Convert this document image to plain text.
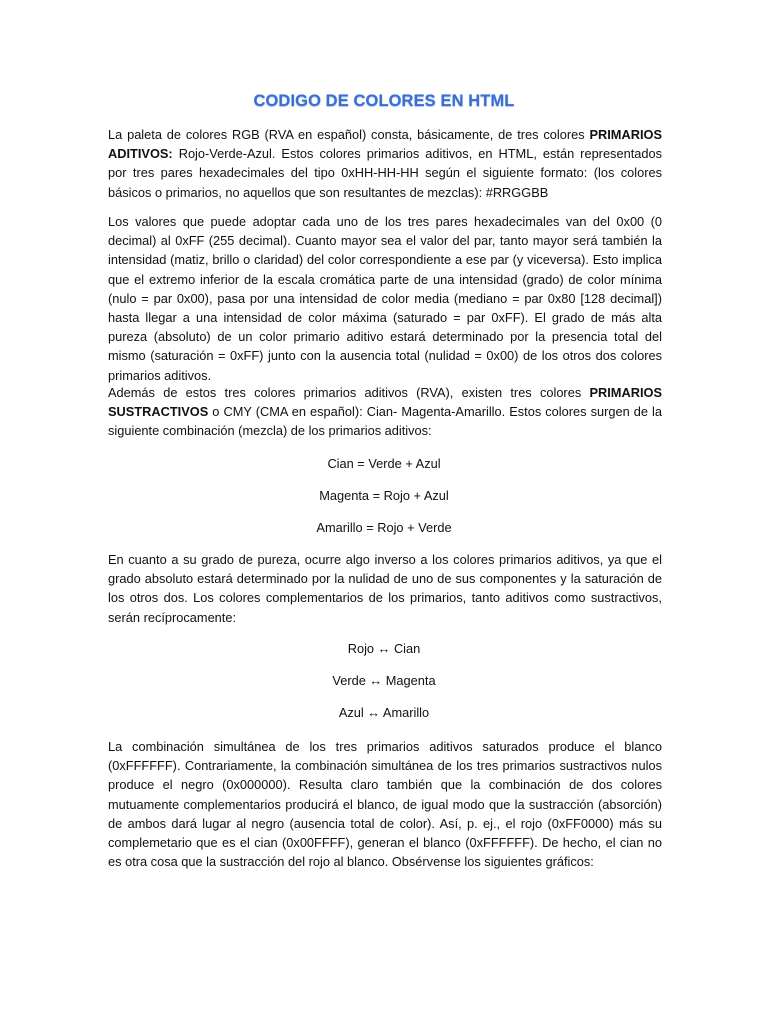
CODIGO DE COLORES EN HTML
La paleta de colores RGB (RVA en español) consta, básicamente, de tres colores PRIMARIOS ADITIVOS: Rojo-Verde-Azul. Estos colores primarios aditivos, en HTML, están representados por tres pares hexadecimales del tipo 0xHH-HH-HH según el siguiente formato: (los colores básicos o primarios, no aquellos que son resultantes de mezclas): #RRGGBB
Los valores que puede adoptar cada uno de los tres pares hexadecimales van del 0x00 (0 decimal) al 0xFF (255 decimal). Cuanto mayor sea el valor del par, tanto mayor será también la intensidad (matiz, brillo o claridad) del color correspondiente a ese par (y viceversa). Esto implica que el extremo inferior de la escala cromática parte de una intensidad (grado) de color mínima (nulo = par 0x00), pasa por una intensidad de color media (mediano = par 0x80 [128 decimal]) hasta llegar a una intensidad de color máxima (saturado = par 0xFF). El grado de más alta pureza (absoluto) de un color primario aditivo estará determinado por la presencia total del mismo (saturación = 0xFF) junto con la ausencia total (nulidad = 0x00) de los otros dos colores primarios aditivos.
Además de estos tres colores primarios aditivos (RVA), existen tres colores PRIMARIOS SUSTRACTIVOS o CMY (CMA en español): Cian- Magenta-Amarillo. Estos colores surgen de la siguiente combinación (mezcla) de los primarios aditivos:
Cian = Verde + Azul
Magenta = Rojo + Azul
Amarillo = Rojo + Verde
En cuanto a su grado de pureza, ocurre algo inverso a los colores primarios aditivos, ya que el grado absoluto estará determinado por la nulidad de uno de sus componentes y la saturación de los otros dos. Los colores complementarios de los primarios, tanto aditivos como sustractivos, serán recíprocamente:
Rojo ↔ Cian
Verde ↔ Magenta
Azul ↔ Amarillo
La combinación simultánea de los tres primarios aditivos saturados produce el blanco (0xFFFFFF). Contrariamente, la combinación simultánea de los tres primarios sustractivos nulos produce el negro (0x000000). Resulta claro también que la combinación de dos colores mutuamente complementarios producirá el blanco, de igual modo que la sustracción (absorción) de ambos dará lugar al negro (ausencia total de color). Así, p. ej., el rojo (0xFF0000) más su complemetario que es el cian (0x00FFFF), generan el blanco (0xFFFFFF). De hecho, el cian no es otra cosa que la sustracción del rojo al blanco. Obsérvense los siguientes gráficos:
